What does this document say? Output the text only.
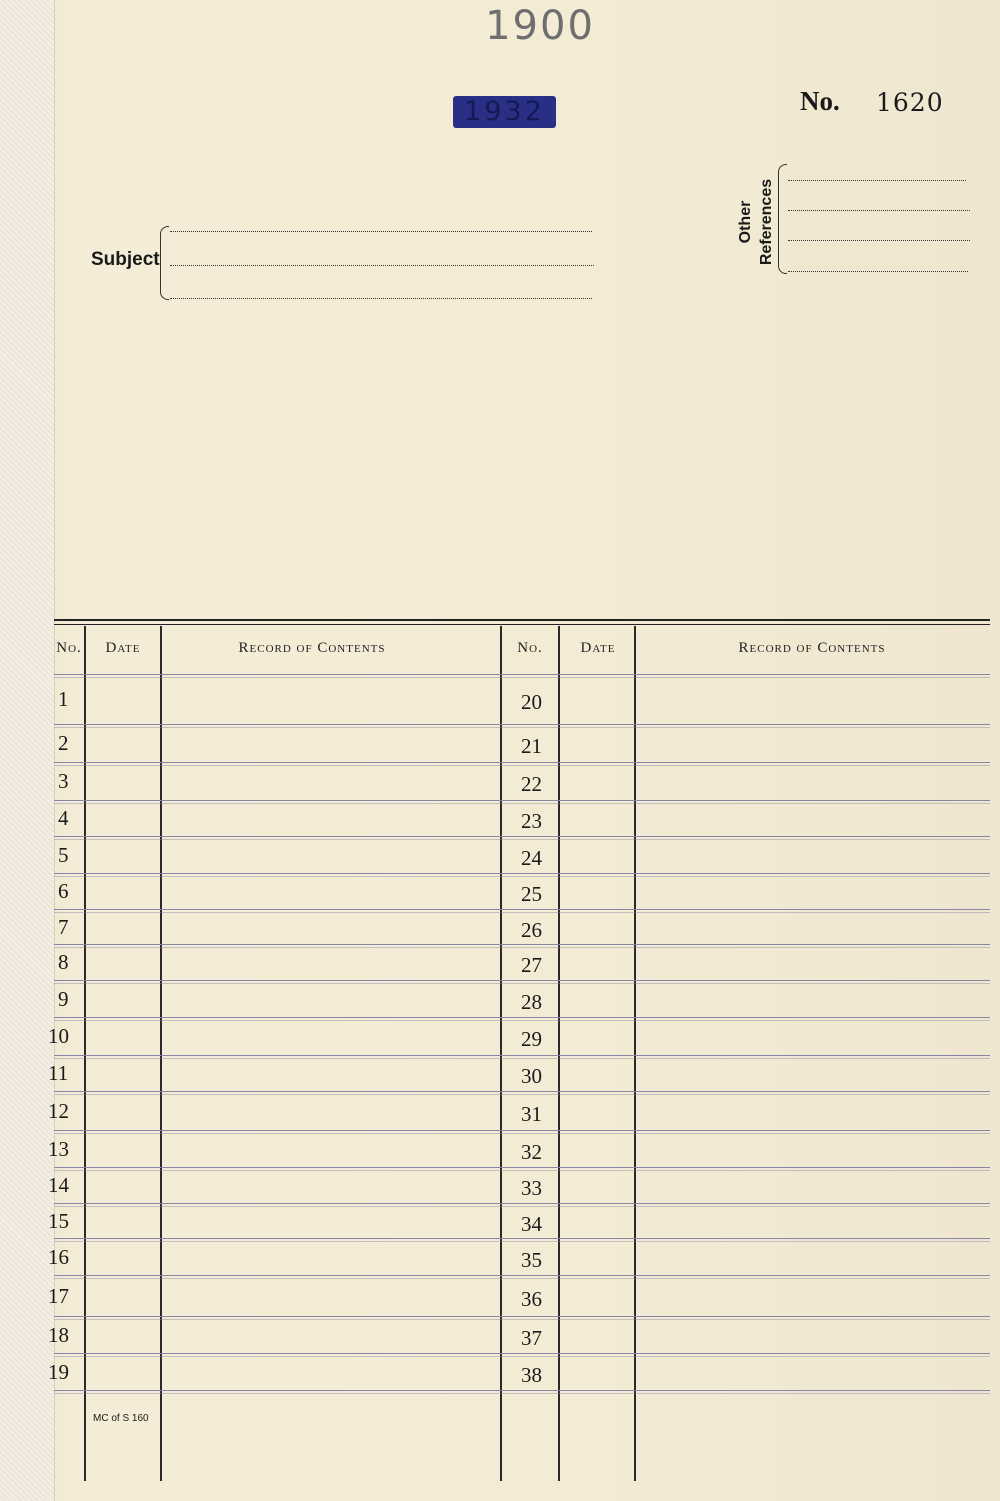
1900
1932	No. 1620
Subject
Other References
No.	Date	Record of Contents	No.	Date	Record of Contents
1	20
2	21
3	22
4	23
5	24
6	25
7	26
8	27
9	28
10	29
11	30
12	31
13	32
14	33
15	34
16	35
17	36
18	37
19	38
MC of S 160
